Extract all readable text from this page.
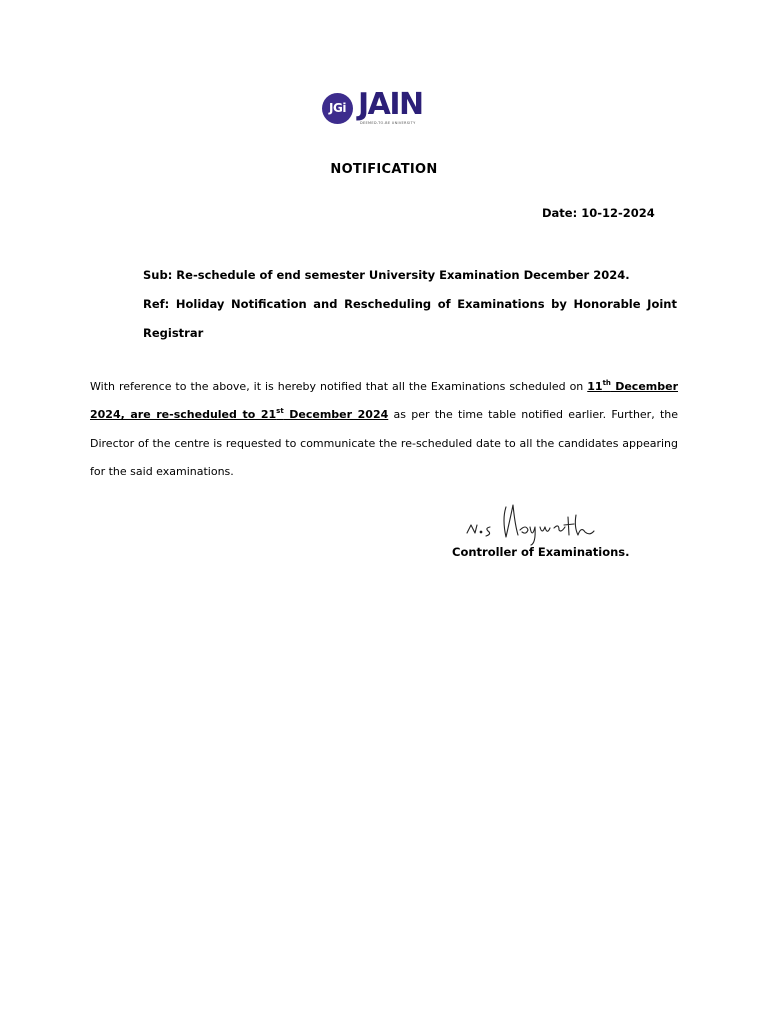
JGi JAIN
DEEMED-TO-BE UNIVERSITY
NOTIFICATION
Date: 10-12-2024

Sub: Re-schedule of end semester University Examination December 2024.

Ref: Holiday Notification and Rescheduling of Examinations by Honorable Joint Registrar

With reference to the above, it is hereby notified that all the Examinations scheduled on 11th December 2024, are re-scheduled to 21st December 2024 as per the time table notified earlier. Further, the Director of the centre is requested to communicate the re-scheduled date to all the candidates appearing for the said examinations.

Controller of Examinations.
